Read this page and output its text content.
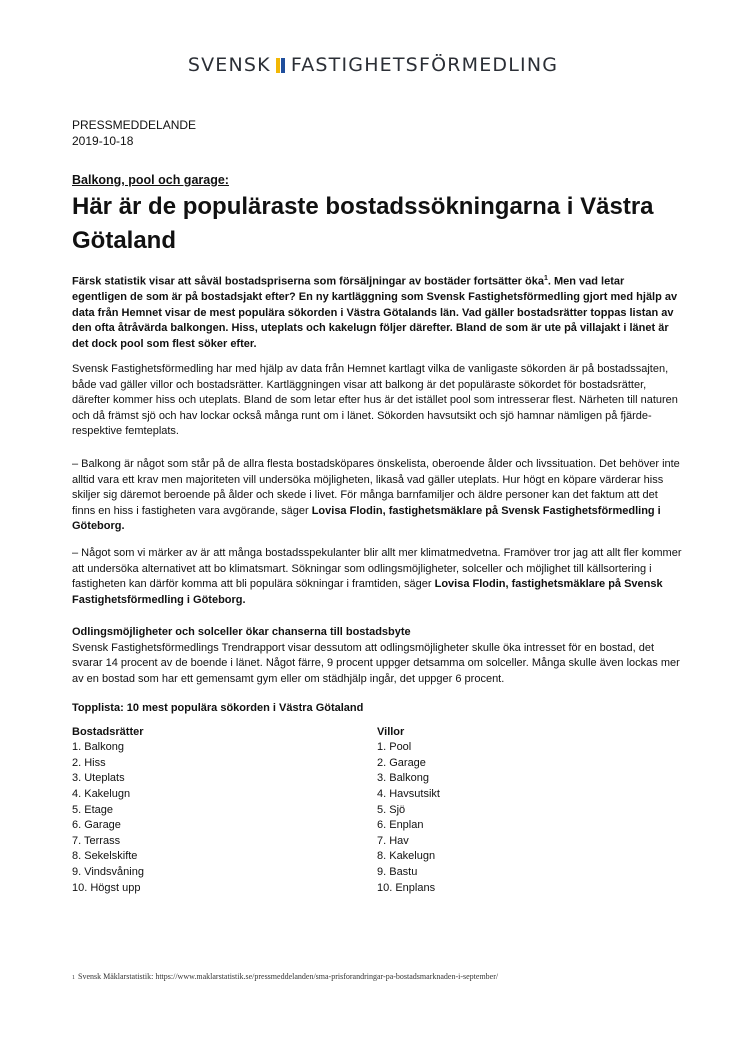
SVENSK FASTIGHETSFÖRMEDLING
PRESSMEDDELANDE
2019-10-18
Balkong, pool och garage:
Här är de populäraste bostadssökningarna i Västra Götaland

Färsk statistik visar att såväl bostadspriserna som försäljningar av bostäder fortsätter öka$^1$. Men vad letar egentligen de som är på bostadsjakt efter? En ny kartläggning som Svensk Fastighetsförmedling gjort med hjälp av data från Hemnet visar de mest populära sökorden i Västra Götalands län. Vad gäller bostadsrätter toppas listan av den ofta åtråvärda balkongen. Hiss, uteplats och kakelugn följer därefter. Bland de som är ute på villajakt i länet är det dock pool som flest söker efter.

Svensk Fastighetsförmedling har med hjälp av data från Hemnet kartlagt vilka de vanligaste sökorden är på bostadssajten, både vad gäller villor och bostadsrätter. Kartläggningen visar att balkong är det populäraste sökordet för bostadsrätter, därefter kommer hiss och uteplats. Bland de som letar efter hus är det istället pool som intresserar flest. Närheten till naturen och då främst sjö och hav lockar också många runt om i länet. Sökorden havsutsikt och sjö hamnar nämligen på fjärde- respektive femteplats.

– Balkong är något som står på de allra flesta bostadsköpares önskelista, oberoende ålder och livssituation. Det behöver inte alltid vara ett krav men majoriteten vill undersöka möjligheten, likaså vad gäller uteplats. Hur högt en köpare värderar hiss skiljer sig däremot beroende på ålder och skede i livet. För många barnfamiljer och äldre personer kan det faktum att det finns en hiss i fastigheten vara avgörande, säger Lovisa Flodin, fastighetsmäklare på Svensk Fastighetsförmedling i Göteborg.

– Något som vi märker av är att många bostadsspekulanter blir allt mer klimatmedvetna. Framöver tror jag att allt fler kommer att undersöka alternativet att bo klimatsmart. Sökningar som odlingsmöjligheter, solceller och möjlighet till källsortering i fastigheten kan därför komma att bli populära sökningar i framtiden, säger Lovisa Flodin, fastighetsmäklare på Svensk Fastighetsförmedling i Göteborg.

Odlingsmöjligheter och solceller ökar chanserna till bostadsbyte

Svensk Fastighetsförmedlings Trendrapport visar dessutom att odlingsmöjligheter skulle öka intresset för en bostad, det svarar 14 procent av de boende i länet. Något färre, 9 procent uppger detsamma om solceller. Många skulle även lockas mer av en bostad som har ett gemensamt gym eller om städhjälp ingår, det uppger 6 procent.

Topplista: 10 mest populära sökorden i Västra Götaland
Bostadsrätter
1. Balkong
2. Hiss
3. Uteplats
4. Kakelugn
5. Etage
6. Garage
7. Terrass
8. Sekelskifte
9. Vindsvåning
10. Högst upp
Villor
1. Pool
2. Garage
3. Balkong
4. Havsutsikt
5. Sjö
6. Enplan
7. Hav
8. Kakelugn
9. Bastu
10. Enplans
1 Svensk Mäklarstatistik: https://www.maklarstatistik.se/pressmeddelanden/sma-prisforandringar-pa-bostadsmarknaden-i-september/
